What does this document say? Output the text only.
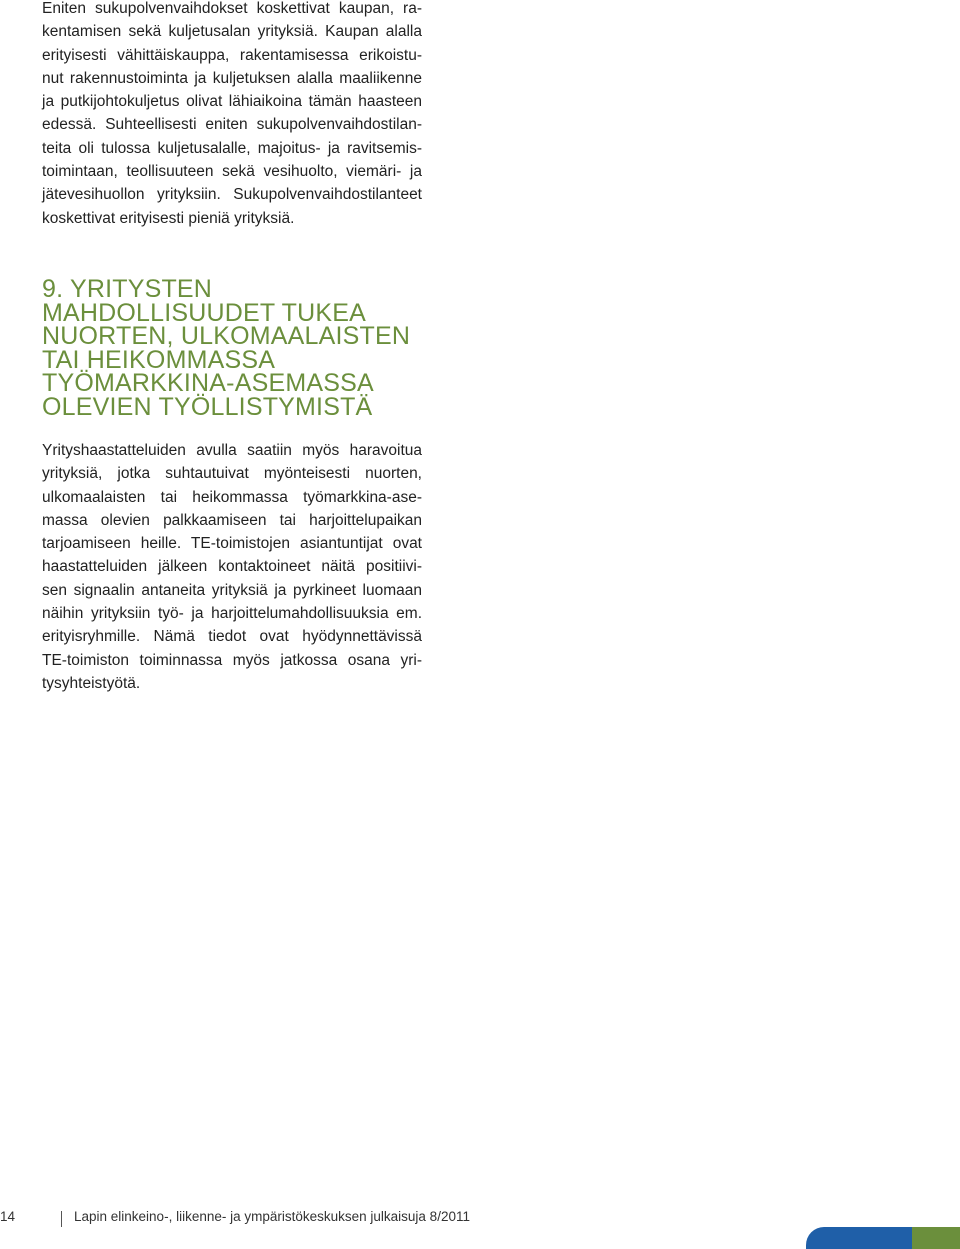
Eniten sukupolvenvaihdokset koskettivat kaupan, ra-
kentamisen sekä kuljetusalan yrityksiä. Kaupan alalla
erityisesti vähittäiskauppa, rakentamisessa erikoistu-
nut rakennustoiminta ja kuljetuksen alalla maaliikenne
ja putkijohtokuljetus olivat lähiaikoina tämän haasteen
edessä. Suhteellisesti eniten sukupolvenvaihdostilan-
teita oli tulossa kuljetusalalle, majoitus- ja ravitsemis-
toimintaan, teollisuuteen sekä vesihuolto, viemäri- ja
jätevesihuollon yrityksiin. Sukupolvenvaihdostilanteet
koskettivat erityisesti pieniä yrityksiä.
9. YRITYSTEN
MAHDOLLISUUDET TUKEA
NUORTEN, ULKOMAALAISTEN
TAI HEIKOMMASSA
TYÖMARKKINA-ASEMASSA
OLEVIEN TYÖLLISTYMISTÄ
Yrityshaastatteluiden avulla saatiin myös haravoitua
yrityksiä, jotka suhtautuivat myönteisesti nuorten,
ulkomaalaisten tai heikommassa työmarkkina-ase-
massa olevien palkkaamiseen tai harjoittelupaikan
tarjoamiseen heille. TE-toimistojen asiantuntijat ovat
haastatteluiden jälkeen kontaktoineet näitä positiivi-
sen signaalin antaneita yrityksiä ja pyrkineet luomaan
näihin yrityksiin työ- ja harjoittelumahdollisuuksia em.
erityisryhmille. Nämä tiedot ovat hyödynnettävissä
TE-toimiston toiminnassa myös jatkossa osana yri-
tysyhteistyötä.
14	Lapin elinkeino-, liikenne- ja ympäristökeskuksen julkaisuja 8/2011
